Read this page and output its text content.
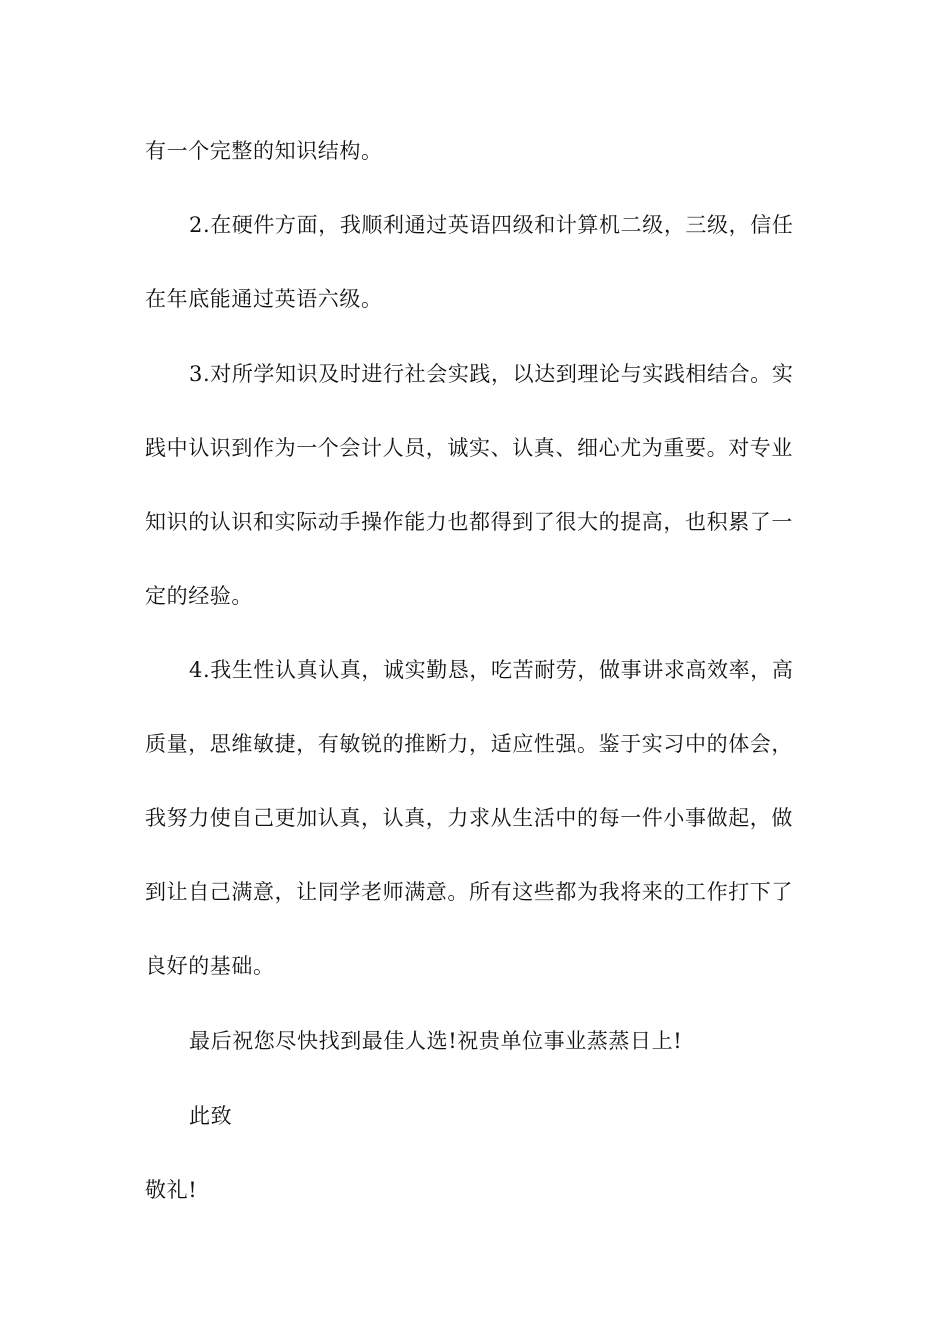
有一个完整的知识结构。

2.在硬件方面，我顺利通过英语四级和计算机二级，三级，信任在年底能通过英语六级。

3.对所学知识及时进行社会实践，以达到理论与实践相结合。实践中认识到作为一个会计人员，诚实、认真、细心尤为重要。对专业知识的认识和实际动手操作能力也都得到了很大的提高，也积累了一定的经验。

4.我生性认真认真，诚实勤恳，吃苦耐劳，做事讲求高效率，高质量，思维敏捷，有敏锐的推断力，适应性强。鉴于实习中的体会，我努力使自己更加认真，认真，力求从生活中的每一件小事做起，做到让自己满意，让同学老师满意。所有这些都为我将来的工作打下了良好的基础。

最后祝您尽快找到最佳人选!祝贵单位事业蒸蒸日上!

此致

敬礼!
